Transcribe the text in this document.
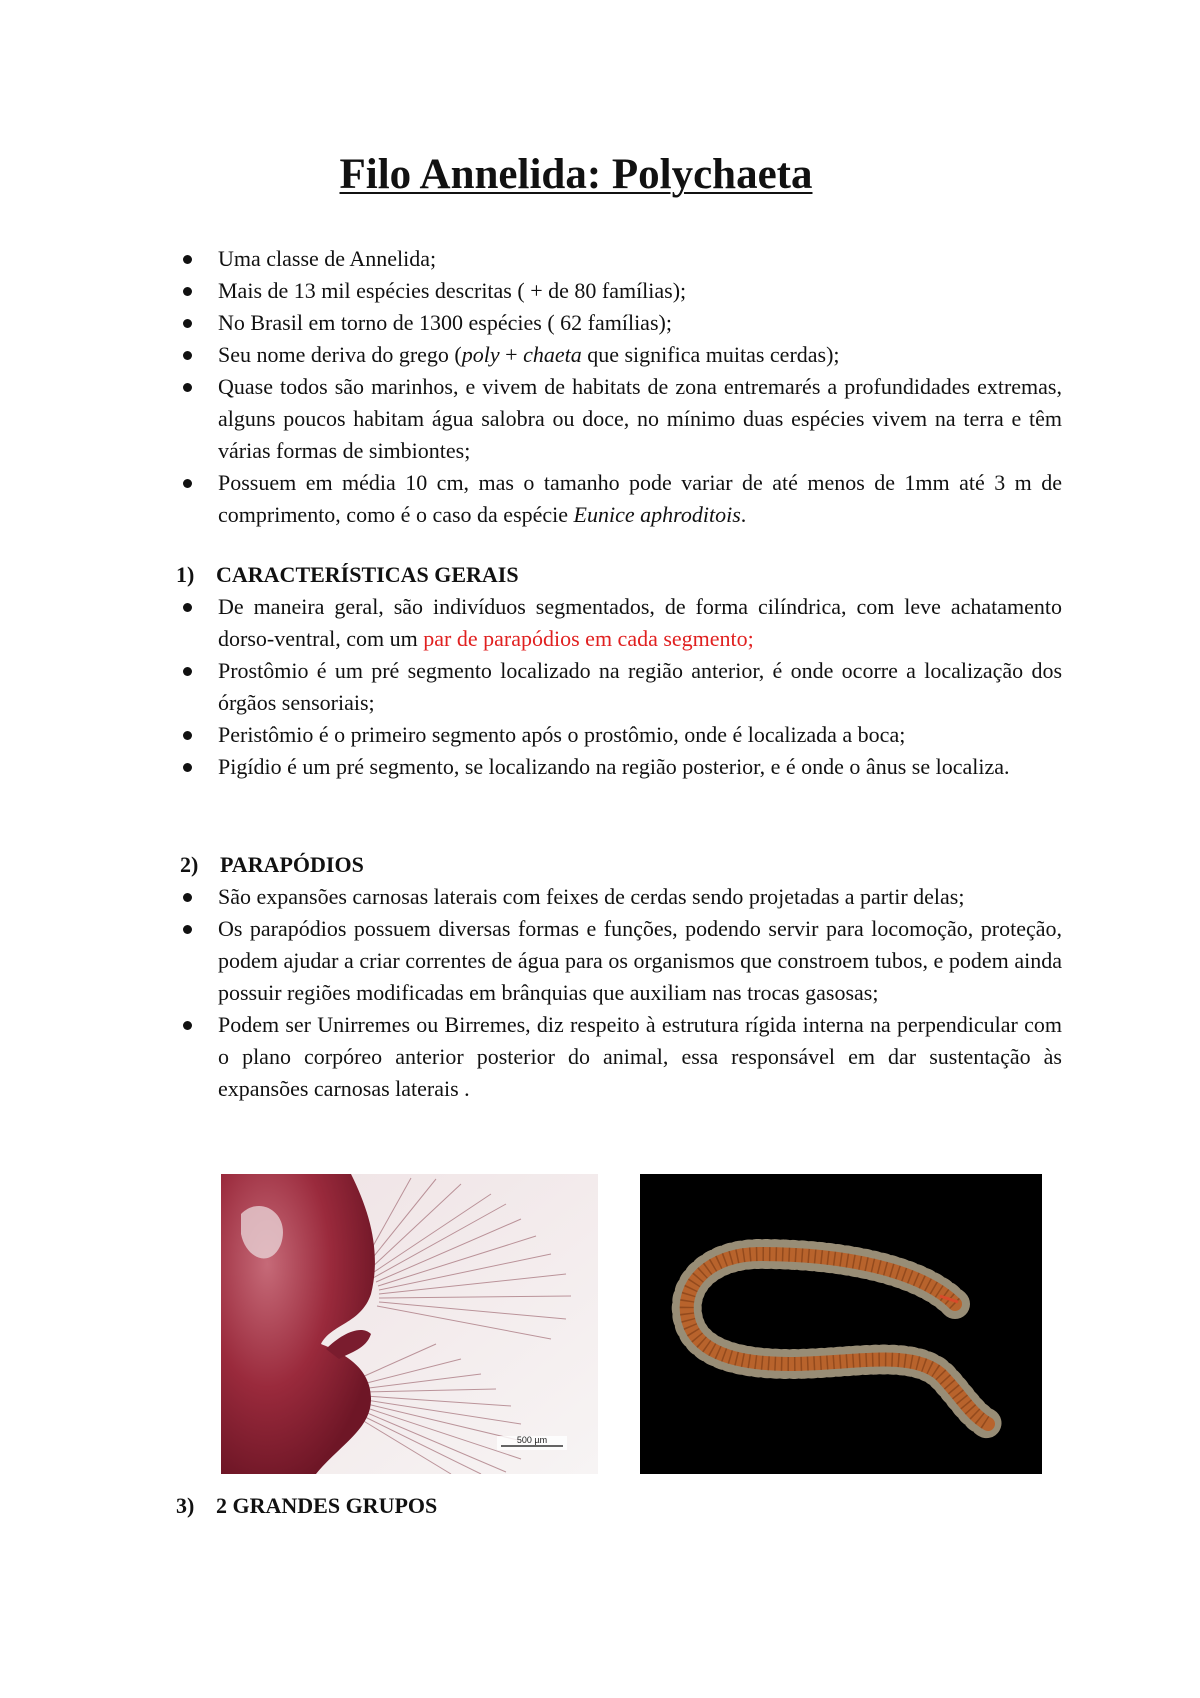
Filo Annelida: Polychaeta
Uma classe de Annelida;
Mais de 13 mil espécies descritas ( + de 80 famílias);
No Brasil em torno de 1300 espécies ( 62 famílias);
Seu nome deriva do grego (poly + chaeta que significa muitas cerdas);
Quase todos são marinhos, e vivem de habitats de zona entremarés a profundidades extremas, alguns poucos habitam água salobra ou doce, no mínimo duas espécies vivem na terra e têm várias formas de simbiontes;
Possuem em média 10 cm, mas o tamanho pode variar de até menos de 1mm até 3 m de comprimento, como é o caso da espécie Eunice aphroditois.
1) CARACTERÍSTICAS GERAIS
De maneira geral, são indivíduos segmentados, de forma cilíndrica, com leve achatamento dorso-ventral, com um par de parapódios em cada segmento;
Prostômio é um pré segmento localizado na região anterior, é onde ocorre a localização dos órgãos sensoriais;
Peristômio é o primeiro segmento após o prostômio, onde é localizada a boca;
Pigídio é um pré segmento, se localizando na região posterior, e é onde o ânus se localiza.
2) PARAPÓDIOS
São expansões carnosas laterais com feixes de cerdas sendo projetadas a partir delas;
Os parapódios possuem diversas formas e funções, podendo servir para locomoção, proteção, podem ajudar a criar correntes de água para os organismos que constroem tubos, e podem ainda possuir regiões modificadas em brânquias que auxiliam nas trocas gasosas;
Podem ser Unirremes ou Birremes, diz respeito à estrutura rígida interna na perpendicular com o plano corpóreo anterior posterior do animal, essa responsável em dar sustentação às expansões carnosas laterais .
500 µm
3) 2 GRANDES GRUPOS
